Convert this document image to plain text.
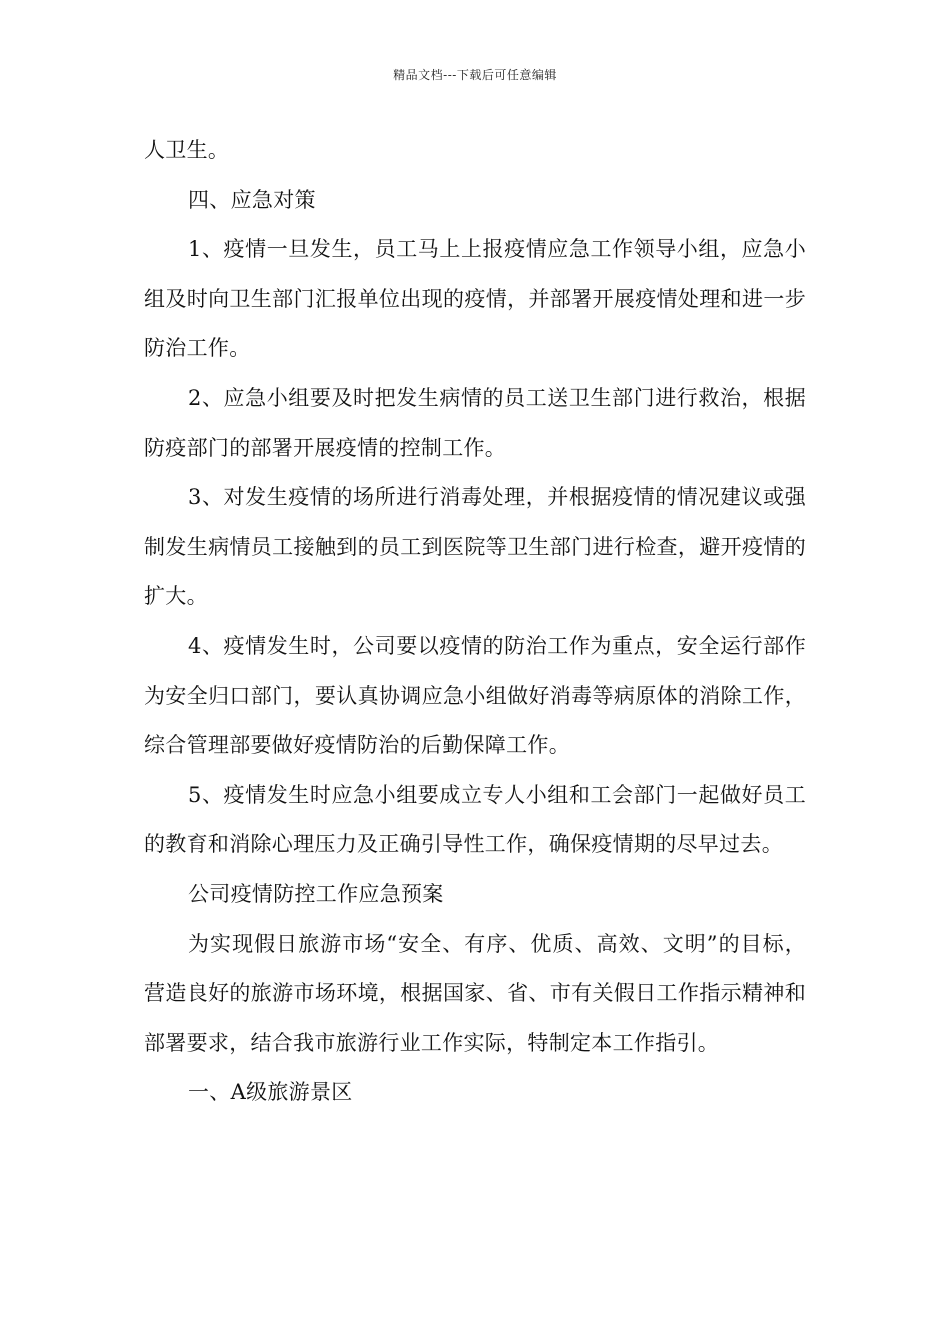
精品文档---下载后可任意编辑

人卫生。

四、应急对策

1、疫情一旦发生，员工马上上报疫情应急工作领导小组，应急小组及时向卫生部门汇报单位出现的疫情，并部署开展疫情处理和进一步防治工作。

2、应急小组要及时把发生病情的员工送卫生部门进行救治，根据防疫部门的部署开展疫情的控制工作。

3、对发生疫情的场所进行消毒处理，并根据疫情的情况建议或强制发生病情员工接触到的员工到医院等卫生部门进行检查，避开疫情的扩大。

4、疫情发生时，公司要以疫情的防治工作为重点，安全运行部作为安全归口部门，要认真协调应急小组做好消毒等病原体的消除工作，综合管理部要做好疫情防治的后勤保障工作。

5、疫情发生时应急小组要成立专人小组和工会部门一起做好员工的教育和消除心理压力及正确引导性工作，确保疫情期的尽早过去。

公司疫情防控工作应急预案

为实现假日旅游市场“安全、有序、优质、高效、文明”的目标，营造良好的旅游市场环境，根据国家、省、市有关假日工作指示精神和部署要求，结合我市旅游行业工作实际，特制定本工作指引。

一、A级旅游景区
